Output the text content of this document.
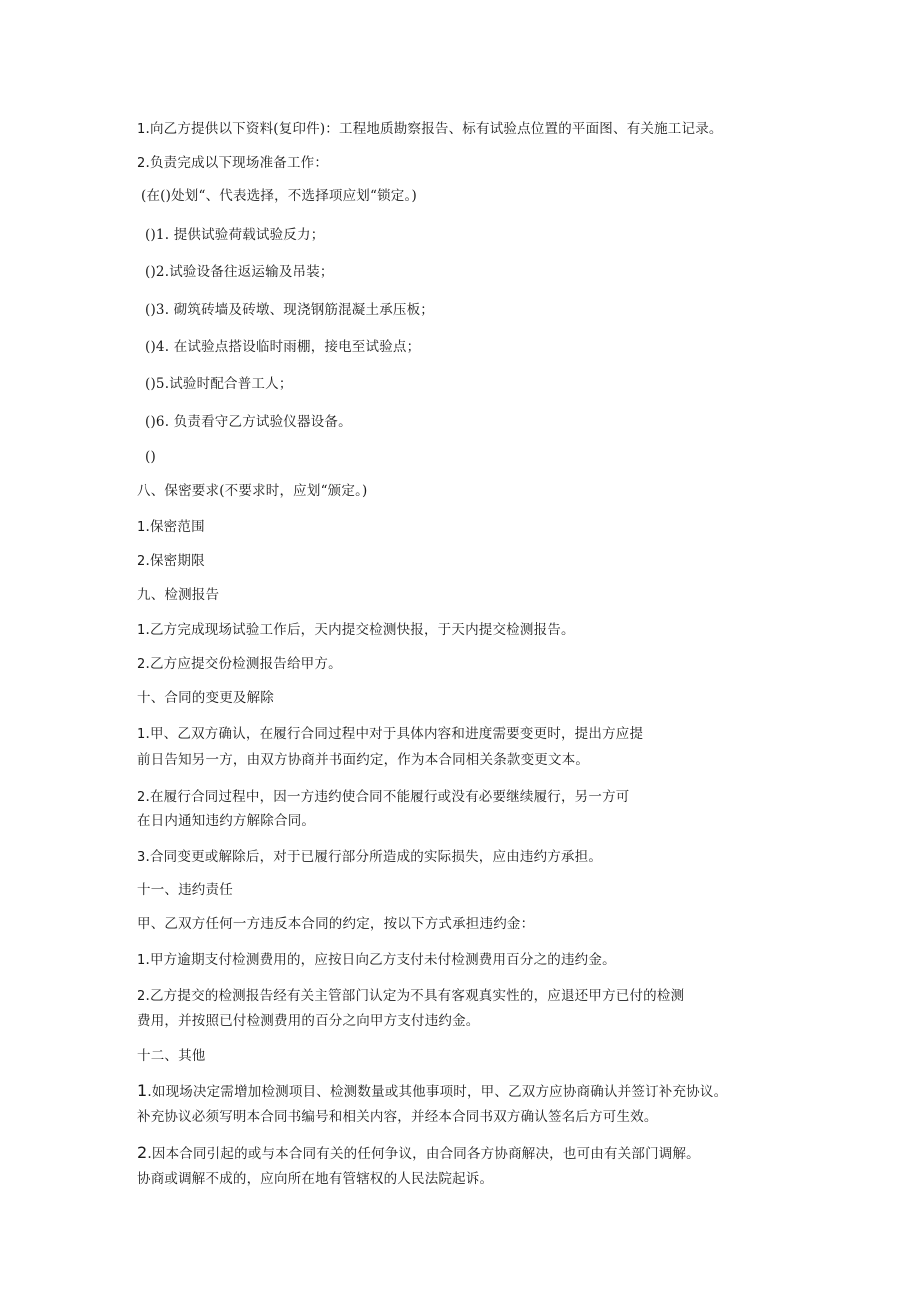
1.向乙方提供以下资料(复印件)：工程地质勘察报告、标有试验点位置的平面图、有关施工记录。
2.负责完成以下现场准备工作：
(在()处划“、代表选择，不选择项应划“锁定。)
()1. 提供试验荷载试验反力；
()2.试验设备往返运输及吊装；
()3. 砌筑砖墙及砖墩、现浇钢筋混凝土承压板；
()4. 在试验点搭设临时雨棚，接电至试验点；
()5.试验时配合普工人；
()6. 负责看守乙方试验仪器设备。
()
八、保密要求(不要求时，应划“颁定。)
1.保密范围
2.保密期限
九、检测报告
1.乙方完成现场试验工作后，天内提交检测快报，于天内提交检测报告。
2.乙方应提交份检测报告给甲方。
十、合同的变更及解除
1.甲、乙双方确认，在履行合同过程中对于具体内容和进度需要变更时，提出方应提
前日告知另一方，由双方协商并书面约定，作为本合同相关条款变更文本。
2.在履行合同过程中，因一方违约使合同不能履行或没有必要继续履行，另一方可
在日内通知违约方解除合同。
3.合同变更或解除后，对于已履行部分所造成的实际损失，应由违约方承担。
十一、违约责任
甲、乙双方任何一方违反本合同的约定，按以下方式承担违约金：
1.甲方逾期支付检测费用的，应按日向乙方支付未付检测费用百分之的违约金。
2.乙方提交的检测报告经有关主管部门认定为不具有客观真实性的，应退还甲方已付的检测
费用，并按照已付检测费用的百分之向甲方支付违约金。
十二、其他
1.如现场决定需增加检测项目、检测数量或其他事项时，甲、乙双方应协商确认并签订补充协议。
补充协议必须写明本合同书编号和相关内容，并经本合同书双方确认签名后方可生效。
2.因本合同引起的或与本合同有关的任何争议，由合同各方协商解决，也可由有关部门调解。
协商或调解不成的，应向所在地有管辖权的人民法院起诉。
